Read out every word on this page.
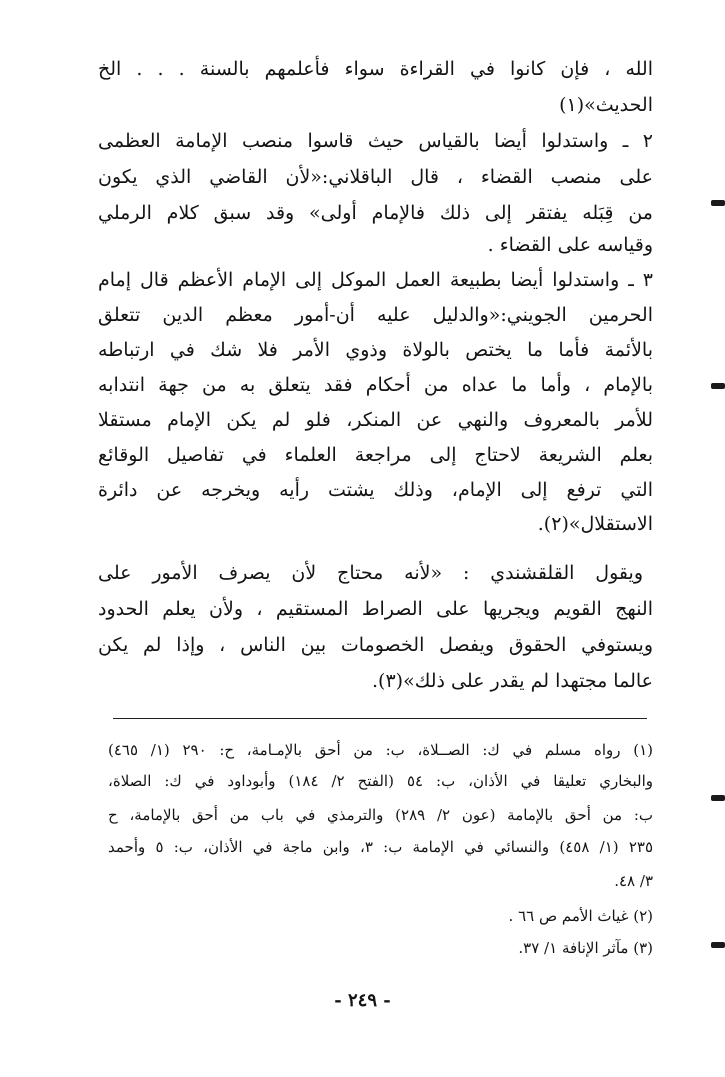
الله ، فإن كانوا في القراءة سواء فأعلمهم بالسنة . . . الخ
الحديث»(١)
٢ ـ واستدلوا أيضا بالقياس حيث قاسوا منصب الإمامة العظمى
على منصب القضاء ، قال الباقلاني:«لأن القاضي الذي يكون
من قِبَله يفتقر إلى ذلك فالإمام أولى» وقد سبق كلام الرملي
وقياسه على القضاء .
٣ ـ واستدلوا أيضا بطبيعة العمل الموكل إلى الإمام الأعظم قال إمام
الحرمين الجويني:«والدليل عليه أن-أمور معظم الدين تتعلق
بالأئمة فأما ما يختص بالولاة وذوي الأمر فلا شك في ارتباطه
بالإمام ، وأما ما عداه من أحكام فقد يتعلق به من جهة انتدابه
للأمر بالمعروف والنهي عن المنكر، فلو لم يكن الإمام مستقلا
بعلم الشريعة لاحتاج إلى مراجعة العلماء في تفاصيل الوقائع
التي ترفع إلى الإمام، وذلك يشتت رأيه ويخرجه عن دائرة
الاستقلال»(٢).
ويقول القلقشندي : «لأنه محتاج لأن يصرف الأمور على
النهج القويم ويجريها على الصراط المستقيم ، ولأن يعلم الحدود
ويستوفي الحقوق ويفصل الخصومات بين الناس ، وإذا لم يكن
عالما مجتهدا لم يقدر على ذلك»(٣).
(١) رواه مسلم في ك: الصــلاة، ب: من أحق بالإمـامة، ح: ٢٩٠ (١/ ٤٦٥)
والبخاري تعليقا في الأذان، ب: ٥٤ (الفتح ٢/ ١٨٤) وأبوداود في ك: الصلاة،
ب: من أحق بالإمامة (عون ٢/ ٢٨٩) والترمذي في باب من أحق بالإمامة، ح
٢٣٥ (١/ ٤٥٨) والنسائي في الإمامة ب: ٣، وابن ماجة في الأذان، ب: ٥ وأحمد
٣/ ٤٨.
(٢) غياث الأمم ص ٦٦ .
(٣) مآثر الإنافة ١/ ٣٧.
- ٢٤٩ -
